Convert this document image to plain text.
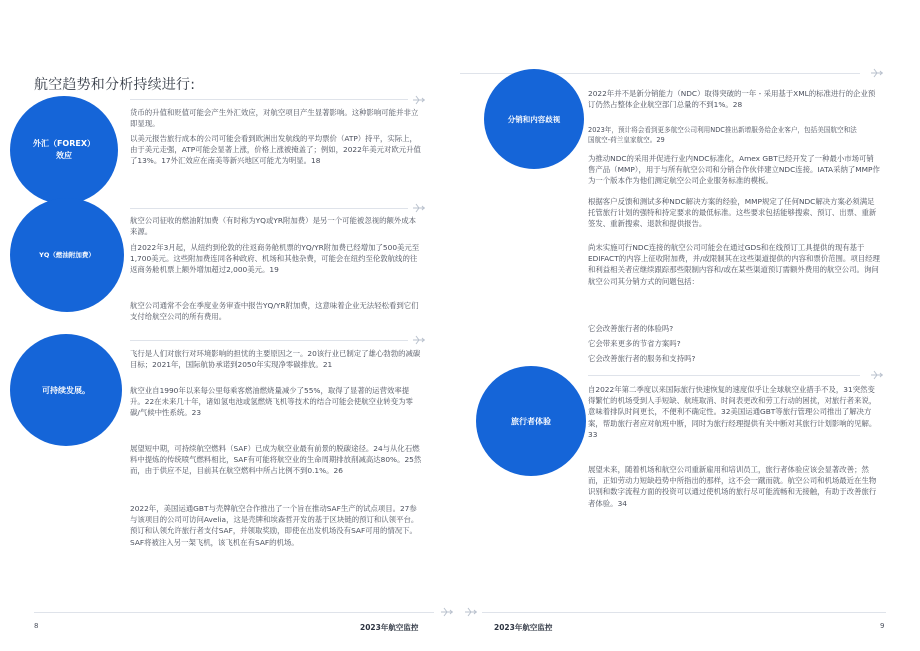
航空趋势和分析持续进行:
外汇（FOREX）
效应
货币的升值和贬值可能会产生外汇效应，对航空项目产生显著影响。这种影响可能并非立即显现。
以美元报告旅行成本的公司可能会看到欧洲出发航线的平均票价（ATP）持平，实际上，由于美元走强，ATP可能会显著上涨，价格上涨被掩盖了；例如，2022年美元对欧元升值了13%。17外汇效应在南美等新兴地区可能尤为明显。18
YQ（燃油附加费）
航空公司征收的燃油附加费（有时称为YQ或YR附加费）是另一个可能被忽视的额外成本来源。
自2022年3月起，从纽约到伦敦的往返商务舱机票的YQ/YR附加费已经增加了500美元至1,700美元。这些附加费连同各种政府、机场和其他杂费，可能会在纽约至伦敦航线的往返商务舱机票上额外增加超过2,000美元。19
航空公司通常不会在季度业务审查中报告YQ/YR附加费，这意味着企业无法轻松看到它们支付给航空公司的所有费用。
可持续发展。
飞行是人们对旅行对环境影响的担忧的主要原因之一。20该行业已制定了雄心勃勃的减碳目标；2021年，国际航协承诺到2050年实现净零碳排放。21
航空业自1990年以来每公里每乘客燃油燃烧量减少了55%，取得了显著的运营效率提升。22在未来几十年，诸如氢电池或氢燃烧飞机等技术的结合可能会使航空业转变为零碳/气候中性系统。23
展望短中期，可持续航空燃料（SAF）已成为航空业最有前景的脱碳途径。24与从化石燃料中提炼的传统喷气燃料相比，SAF有可能将航空业的生命周期排放削减高达80%。25然而，由于供应不足，目前其在航空燃料中所占比例不到0.1%。26
2022年，美国运通GBT与壳牌航空合作推出了一个旨在推动SAF生产的试点项目。27参与该项目的公司可访问Avelia，这是壳牌和埃森哲开发的基于区块链的预订和认领平台。预订和认领允许旅行者支付SAF，并领取奖励，即使在出发机场没有SAF可用的情况下。SAF将被注入另一架飞机，该飞机在有SAF的机场。
8	2023年航空监控
分销和内容歧视
2022年并不是新分销能力（NDC）取得突破的一年 - 采用基于XML的标准进行的企业预订仍然占整体企业航空部门总量的不到1%。28
2023年，预计将会看到更多航空公司利用NDC推出新增服务给企业客户，包括美国航空和法国航空-荷兰皇家航空。29
为推动NDC的采用并促进行业内NDC标准化，Amex GBT已经开发了一种最小市场可销售产品（MMP），用于与所有航空公司和分销合作伙伴建立NDC连接。IATA采纳了MMP作为一个版本作为他们测定航空公司企业服务标准的模板。
根据客户反馈和测试多种NDC解决方案的经验，MMP规定了任何NDC解决方案必须满足托管旅行计划的强特和持定要求的最低标准。这些要求包括能够搜索、预订、出票、重新签发、重新搜索、退款和提供报告。
尚未实施可行NDC连接的航空公司可能会在通过GDS和在线预订工具提供的现有基于EDIFACT的内容上征收附加费，并/或限制其在这些渠道提供的内容和票价范围。项目经理和利益相关者应继续跟踪那些限制内容和/或在某些渠道预订需额外费用的航空公司。询问航空公司其分销方式的问题包括：
它会改善旅行者的体验吗?
它会带来更多的节省方案吗?
它会改善旅行者的服务和支持吗?
旅行者体验
自2022年第二季度以来国际旅行快速恢复的速度似乎让全球航空业措手不及，31突然变得繁忙的机场受到人手短缺、航班取消、时间表更改和劳工行动的困扰，对旅行者来说，意味着排队时间更长，不便利不确定性。32美国运通GBT等旅行管理公司推出了解决方案，帮助旅行者应对航班中断，同时为旅行经理提供有关中断对其旅行计划影响的见解。33
展望未来，随着机场和航空公司重新雇用和培训员工，旅行者体验应该会显著改善；然而，正如劳动力短缺趋势中所指出的那样，这不会一蹴而就。航空公司和机场最近在生物识别和数字流程方面的投资可以通过使机场的旅行尽可能流畅和无接触，有助于改善旅行者体验。34
2023年航空监控	9
